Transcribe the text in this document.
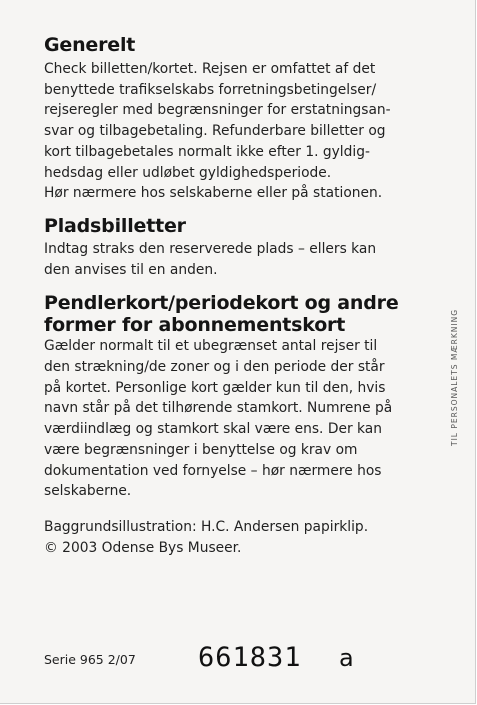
Generelt
Check billetten/kortet. Rejsen er omfattet af det
benyttede trafikselskabs forretningsbetingelser/
rejseregler med begrænsninger for erstatningsan-
svar og tilbagebetaling. Refunderbare billetter og
kort tilbagebetales normalt ikke efter 1. gyldig-
hedsdag eller udløbet gyldighedsperiode.
Hør nærmere hos selskaberne eller på stationen.
Pladsbilletter
Indtag straks den reserverede plads – ellers kan
den anvises til en anden.
Pendlerkort/periodekort og andre
former for abonnementskort
Gælder normalt til et ubegrænset antal rejser til
den strækning/de zoner og i den periode der står
på kortet. Personlige kort gælder kun til den, hvis
navn står på det tilhørende stamkort. Numrene på
værdiindlæg og stamkort skal være ens. Der kan
være begrænsninger i benyttelse og krav om
dokumentation ved fornyelse – hør nærmere hos
selskaberne.
Baggrundsillustration: H.C. Andersen papirklip.
© 2003 Odense Bys Museer.
Serie 965 2/07 661831 a
TIL PERSONALETS MÆRKNING
